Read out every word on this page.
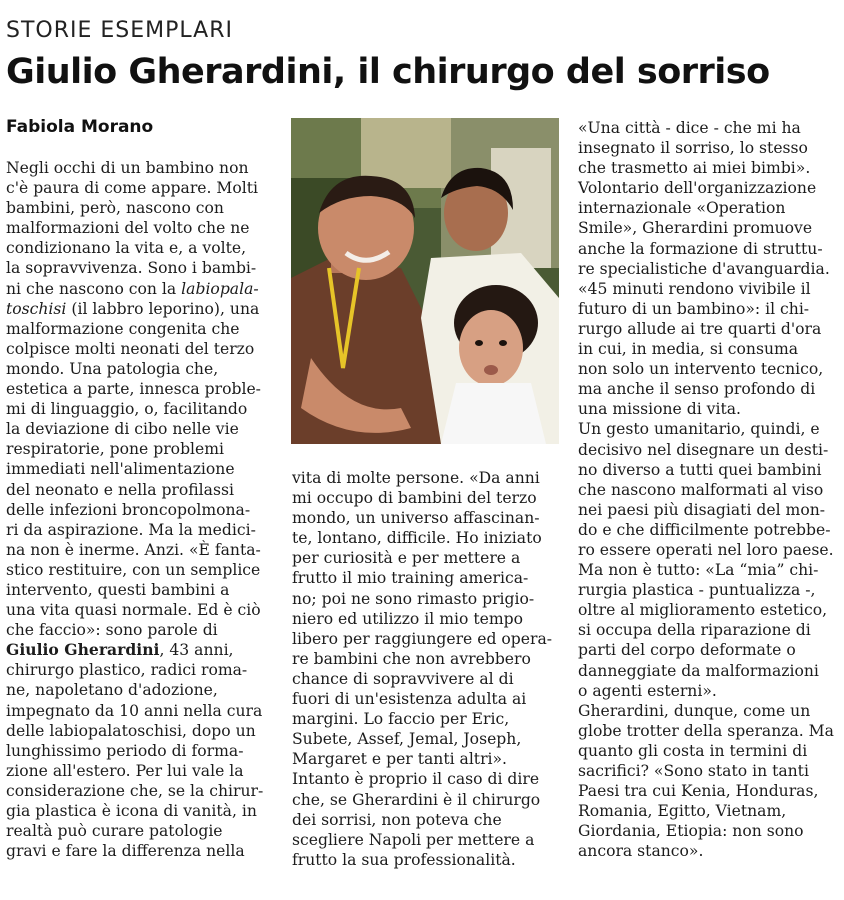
STORIE ESEMPLARI
Giulio Gherardini, il chirurgo del sorriso
Fabiola Morano
Negli occhi di un bambino non
c'è paura di come appare. Molti
bambini, però, nascono con
malformazioni del volto che ne
condizionano la vita e, a volte,
la sopravvivenza. Sono i bambi-
ni che nascono con la labiopala-
toschisi (il labbro leporino), una
malformazione congenita che
colpisce molti neonati del terzo
mondo. Una patologia che,
estetica a parte, innesca proble-
mi di linguaggio, o, facilitando
la deviazione di cibo nelle vie
respiratorie, pone problemi
immediati nell'alimentazione
del neonato e nella profilassi
delle infezioni broncopolmona-
ri da aspirazione. Ma la medici-
na non è inerme. Anzi. «È fanta-
stico restituire, con un semplice
intervento, questi bambini a
una vita quasi normale. Ed è ciò
che faccio»: sono parole di
Giulio Gherardini, 43 anni,
chirurgo plastico, radici roma-
ne, napoletano d'adozione,
impegnato da 10 anni nella cura
delle labiopalatoschisi, dopo un
lunghissimo periodo di forma-
zione all'estero. Per lui vale la
considerazione che, se la chirur-
gia plastica è icona di vanità, in
realtà può curare patologie
gravi e fare la differenza nella
vita di molte persone. «Da anni
mi occupo di bambini del terzo
mondo, un universo affascinan-
te, lontano, difficile. Ho iniziato
per curiosità e per mettere a
frutto il mio training america-
no; poi ne sono rimasto prigio-
niero ed utilizzo il mio tempo
libero per raggiungere ed opera-
re bambini che non avrebbero
chance di sopravvivere al di
fuori di un'esistenza adulta ai
margini. Lo faccio per Eric,
Subete, Assef, Jemal, Joseph,
Margaret e per tanti altri».
Intanto è proprio il caso di dire
che, se Gherardini è il chirurgo
dei sorrisi, non poteva che
scegliere Napoli per mettere a
frutto la sua professionalità.
«Una città - dice - che mi ha
insegnato il sorriso, lo stesso
che trasmetto ai miei bimbi».
Volontario dell'organizzazione
internazionale «Operation
Smile», Gherardini promuove
anche la formazione di struttu-
re specialistiche d'avanguardia.
«45 minuti rendono vivibile il
futuro di un bambino»: il chi-
rurgo allude ai tre quarti d'ora
in cui, in media, si consuma
non solo un intervento tecnico,
ma anche il senso profondo di
una missione di vita.
Un gesto umanitario, quindi, e
decisivo nel disegnare un desti-
no diverso a tutti quei bambini
che nascono malformati al viso
nei paesi più disagiati del mon-
do e che difficilmente potrebbe-
ro essere operati nel loro paese.
Ma non è tutto: «La “mia” chi-
rurgia plastica - puntualizza -,
oltre al miglioramento estetico,
si occupa della riparazione di
parti del corpo deformate o
danneggiate da malformazioni
o agenti esterni».
Gherardini, dunque, come un
globe trotter della speranza. Ma
quanto gli costa in termini di
sacrifici? «Sono stato in tanti
Paesi tra cui Kenia, Honduras,
Romania, Egitto, Vietnam,
Giordania, Etiopia: non sono
ancora stanco».
